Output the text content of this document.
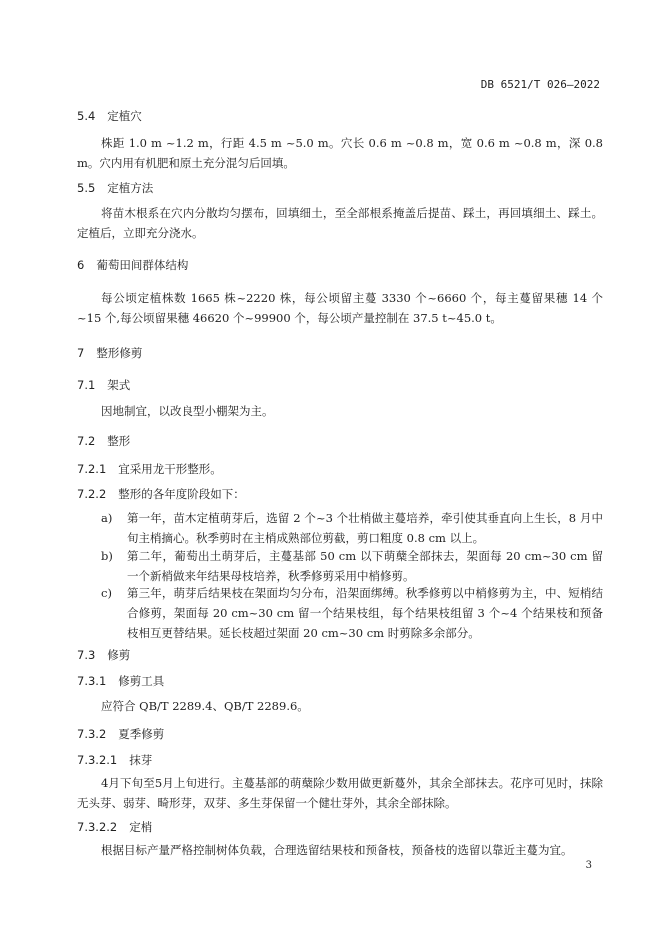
DB 6521/T 026—2022
5.4 定植穴
株距 1.0 m ~1.2 m，行距 4.5 m ~5.0 m。穴长 0.6 m ~0.8 m，宽 0.6 m ~0.8 m，深 0.8 m。穴内用有机肥和原土充分混匀后回填。
5.5 定植方法
将苗木根系在穴内分散均匀摆布，回填细土，至全部根系掩盖后提苗、踩土，再回填细土、踩土。定植后，立即充分浇水。
6 葡萄田间群体结构
每公顷定植株数 1665 株~2220 株，每公顷留主蔓 3330 个~6660 个，每主蔓留果穗 14 个~15 个,每公顷留果穗 46620 个~99900 个，每公顷产量控制在 37.5 t~45.0 t。
7 整形修剪
7.1 架式
因地制宜，以改良型小棚架为主。
7.2 整形
7.2.1 宜采用龙干形整形。
7.2.2 整形的各年度阶段如下：
a) 第一年，苗木定植萌芽后，选留 2 个~3 个壮梢做主蔓培养，牵引使其垂直向上生长，8 月中旬主梢摘心。秋季剪时在主梢成熟部位剪截，剪口粗度 0.8 cm 以上。
b) 第二年，葡萄出土萌芽后，主蔓基部 50 cm 以下萌蘖全部抹去，架面每 20 cm~30 cm 留一个新梢做来年结果母枝培养，秋季修剪采用中梢修剪。
c) 第三年，萌芽后结果枝在架面均匀分布，沿架面绑缚。秋季修剪以中梢修剪为主，中、短梢结合修剪，架面每 20 cm~30 cm 留一个结果枝组，每个结果枝组留 3 个~4 个结果枝和预备枝相互更替结果。延长枝超过架面 20 cm~30 cm 时剪除多余部分。
7.3 修剪
7.3.1 修剪工具
应符合 QB/T 2289.4、QB/T 2289.6。
7.3.2 夏季修剪
7.3.2.1 抹芽
4月下旬至5月上旬进行。主蔓基部的萌蘖除少数用做更新蔓外，其余全部抹去。花序可见时，抹除无头芽、弱芽、畸形芽，双芽、多生芽保留一个健壮芽外，其余全部抹除。
7.3.2.2 定梢
根据目标产量严格控制树体负载，合理选留结果枝和预备枝，预备枝的选留以靠近主蔓为宜。
3
